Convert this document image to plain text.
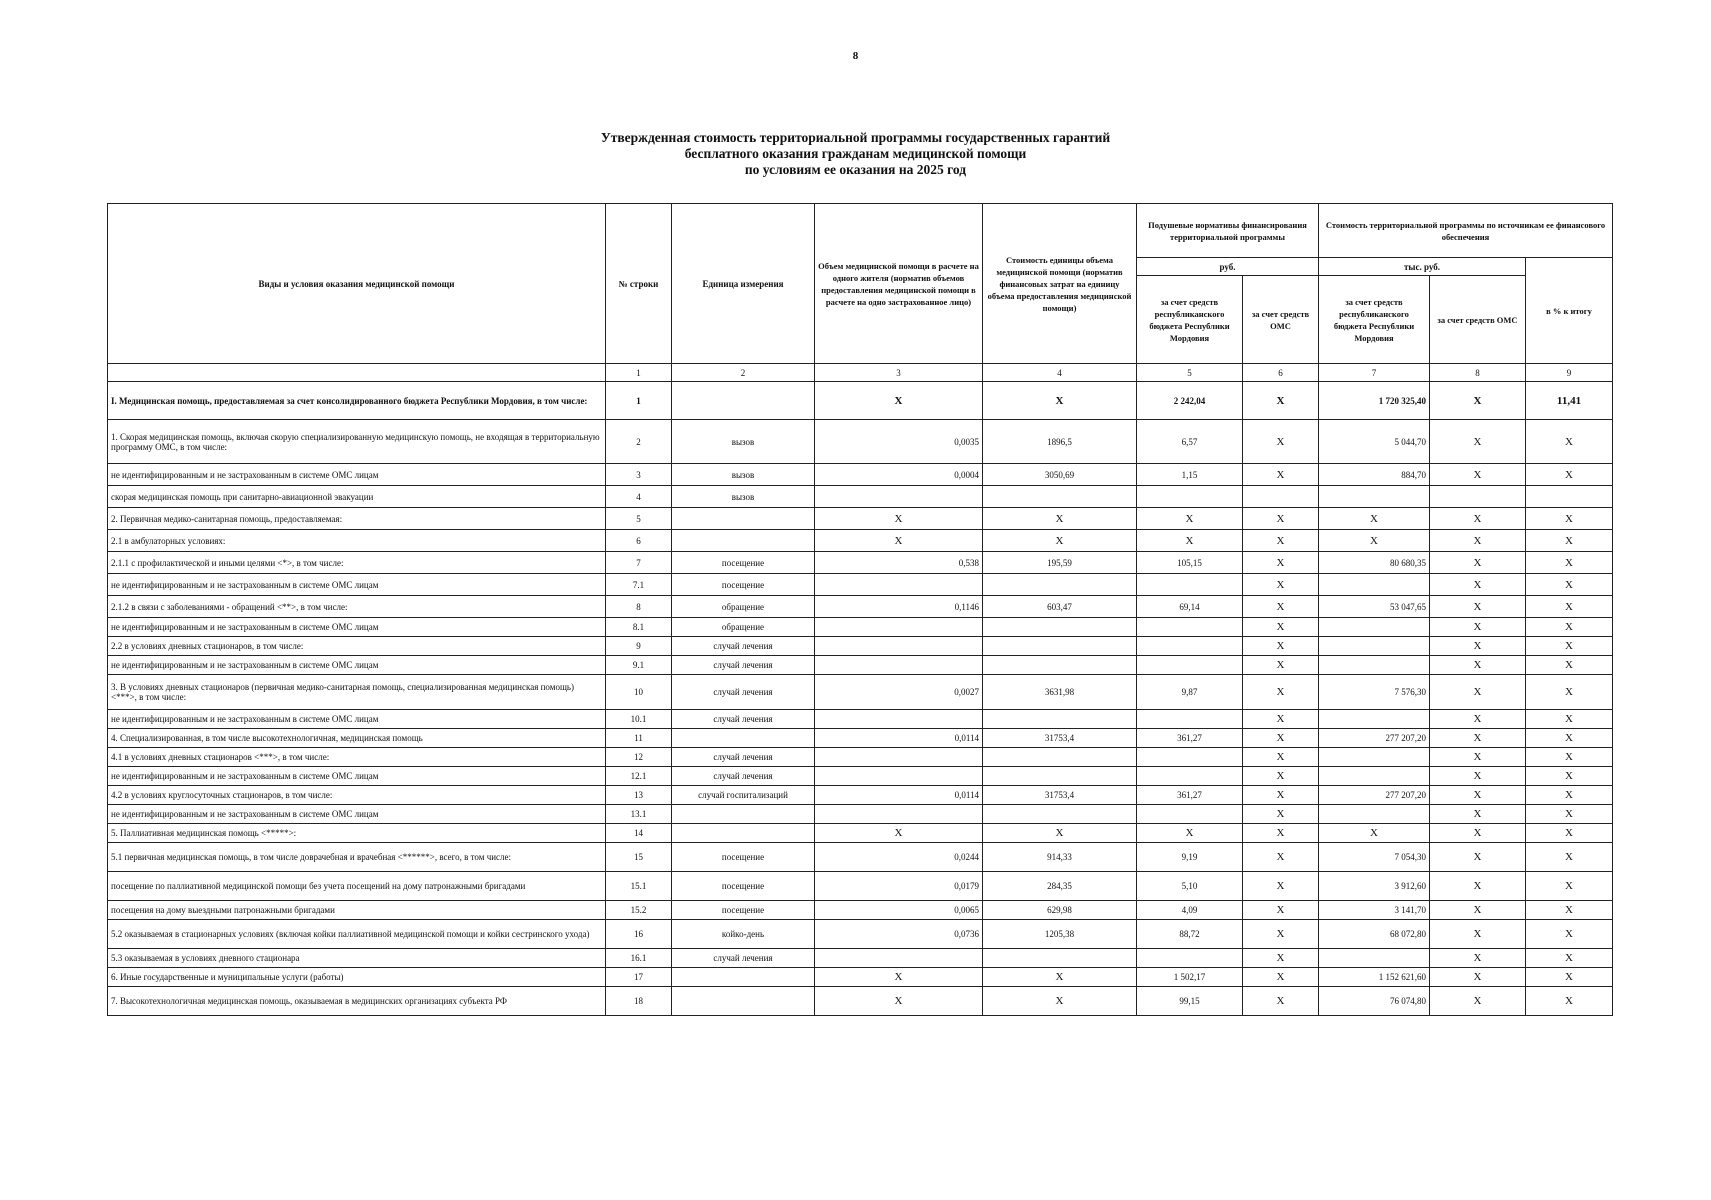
8
Утвержденная стоимость территориальной программы государственных гарантий
бесплатного оказания гражданам медицинской помощи
по условиям ее оказания на 2025 год
Виды и условия оказания медицинской помощи	№ строки	Единица измерения	Объем медицинской помощи в расчете на одного жителя (норматив объемов предоставления медицинской помощи в расчете на одно застрахованное лицо)	Стоимость единицы объема медицинской помощи (норматив финансовых затрат на единицу объема предоставления медицинской помощи)	Подушевые нормативы финансирования территориальной программы		Стоимость территориальной программы по источникам ее финансового обеспечения		
					руб.		тыс. руб.		в % к итогу
					за счет средств республиканского бюджета Республики Мордовия	за счет средств ОМС	за счет средств республиканского бюджета Республики Мордовия	за счет средств ОМС	
	1	2	3	4	5	6	7	8	9
I. Медицинская помощь, предоставляемая за счет консолидированного бюджета Республики Мордовия, в том числе:	1		X	X	2 242,04	X	1 720 325,40	X	11,41
1. Скорая медицинская помощь, включая скорую специализированную медицинскую помощь, не входящая в территориальную программу ОМС, в том числе:	2	вызов	0,0035	1896,5	6,57	X	5 044,70	X	X
не идентифицированным и не застрахованным в системе ОМС лицам	3	вызов	0,0004	3050,69	1,15	X	884,70	X	X
скорая медицинская помощь при санитарно-авиационной эвакуации	4	вызов							
2. Первичная медико-санитарная помощь, предоставляемая:	5		X	X	X	X	X	X	X
2.1 в амбулаторных условиях:	6		X	X	X	X	X	X	X
2.1.1 с профилактической и иными целями <*>, в том числе:	7	посещение	0,538	195,59	105,15	X	80 680,35	X	X
не идентифицированным и не застрахованным в системе ОМС лицам	7.1	посещение				X		X	X
2.1.2 в связи с заболеваниями - обращений <**>, в том числе:	8	обращение	0,1146	603,47	69,14	X	53 047,65	X	X
не идентифицированным и не застрахованным в системе ОМС лицам	8.1	обращение				X		X	X
2.2 в условиях дневных стационаров, в том числе:	9	случай лечения				X		X	X
не идентифицированным и не застрахованным в системе ОМС лицам	9.1	случай лечения				X		X	X
3. В условиях дневных стационаров (первичная медико-санитарная помощь, специализированная медицинская помощь) <***>, в том числе:	10	случай лечения	0,0027	3631,98	9,87	X	7 576,30	X	X
не идентифицированным и не застрахованным в системе ОМС лицам	10.1	случай лечения				X		X	X
4. Специализированная, в том числе высокотехнологичная, медицинская помощь	11		0,0114	31753,4	361,27	X	277 207,20	X	X
4.1 в условиях дневных стационаров <***>, в том числе:	12	случай лечения				X		X	X
не идентифицированным и не застрахованным в системе ОМС лицам	12.1	случай лечения				X		X	X
4.2 в условиях круглосуточных стационаров, в том числе:	13	случай госпитализаций	0,0114	31753,4	361,27	X	277 207,20	X	X
не идентифицированным и не застрахованным в системе ОМС лицам	13.1					X		X	X
5. Паллиативная медицинская помощь <*****>:	14		X	X	X	X	X	X	X
5.1 первичная медицинская помощь, в том числе доврачебная и врачебная <******>, всего, в том числе:	15	посещение	0,0244	914,33	9,19	X	7 054,30	X	X
посещение по паллиативной медицинской помощи без учета посещений на дому патронажными бригадами	15.1	посещение	0,0179	284,35	5,10	X	3 912,60	X	X
посещения на дому выездными патронажными бригадами	15.2	посещение	0,0065	629,98	4,09	X	3 141,70	X	X
5.2 оказываемая в стационарных условиях (включая койки паллиативной медицинской помощи и койки сестринского ухода)	16	койко-день	0,0736	1205,38	88,72	X	68 072,80	X	X
5.3 оказываемая в условиях дневного стационара	16.1	случай лечения				X		X	X
6. Иные государственные и муниципальные услуги (работы)	17		X	X	1 502,17	X	1 152 621,60	X	X
7. Высокотехнологичная медицинская помощь, оказываемая в медицинских организациях субъекта РФ	18		X	X	99,15	X	76 074,80	X	X
